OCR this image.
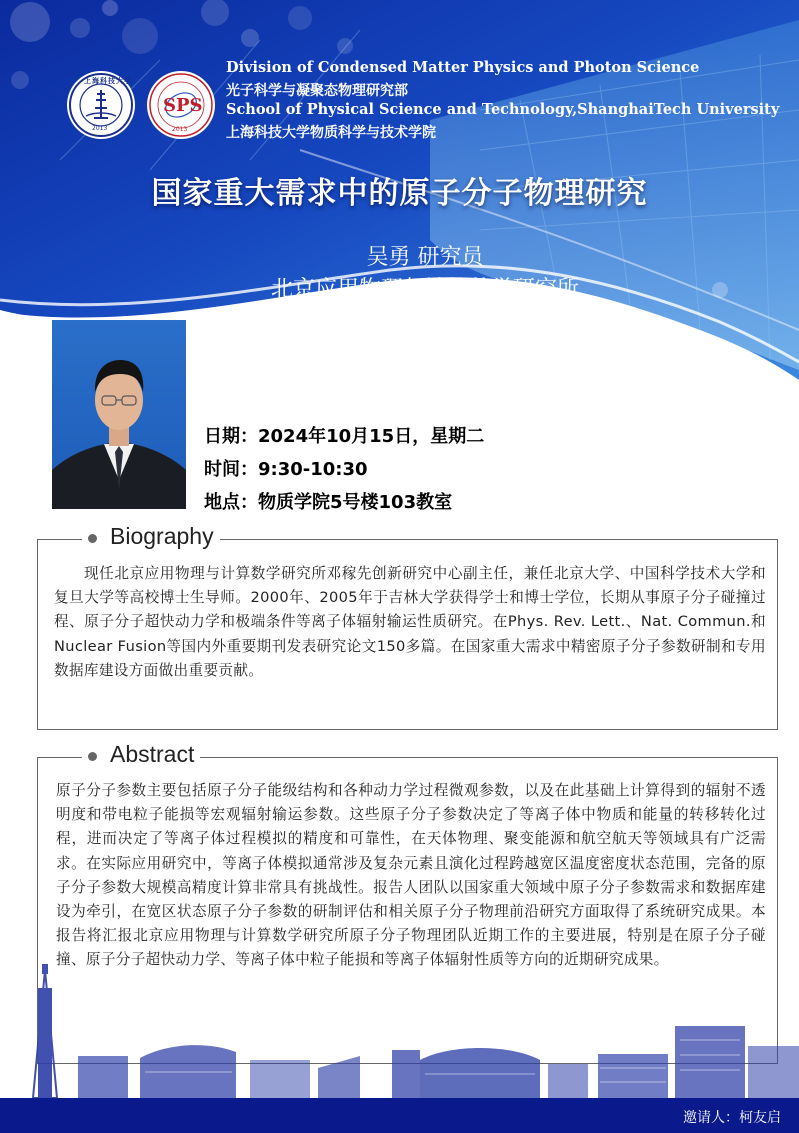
上海科技大学
2013
SPS
2013
Division of Condensed Matter Physics and Photon Science
光子科学与凝聚态物理研究部
School of Physical Science and Technology,ShanghaiTech University
上海科技大学物质科学与技术学院
国家重大需求中的原子分子物理研究
吴勇 研究员
北京应用物理与计算数学研究所
日期：2024年10月15日，星期二
时间：9:30-10:30
地点：物质学院5号楼103教室
Biography
现任北京应用物理与计算数学研究所邓稼先创新研究中心副主任，兼任北京大学、中国科学技术大学和复旦大学等高校博士生导师。2000年、2005年于吉林大学获得学士和博士学位，长期从事原子分子碰撞过程、原子分子超快动力学和极端条件等离子体辐射输运性质研究。在Phys. Rev. Lett.、Nat. Commun.和Nuclear Fusion等国内外重要期刊发表研究论文150多篇。在国家重大需求中精密原子分子参数研制和专用数据库建设方面做出重要贡献。
Abstract
原子分子参数主要包括原子分子能级结构和各种动力学过程微观参数，以及在此基础上计算得到的辐射不透明度和带电粒子能损等宏观辐射输运参数。这些原子分子参数决定了等离子体中物质和能量的转移转化过程，进而决定了等离子体过程模拟的精度和可靠性，在天体物理、聚变能源和航空航天等领域具有广泛需求。在实际应用研究中，等离子体模拟通常涉及复杂元素且演化过程跨越宽区温度密度状态范围，完备的原子分子参数大规模高精度计算非常具有挑战性。报告人团队以国家重大领域中原子分子参数需求和数据库建设为牵引，在宽区状态原子分子参数的研制评估和相关原子分子物理前沿研究方面取得了系统研究成果。本报告将汇报北京应用物理与计算数学研究所原子分子物理团队近期工作的主要进展，特别是在原子分子碰撞、原子分子超快动力学、等离子体中粒子能损和等离子体辐射性质等方向的近期研究成果。
邀请人：柯友启
